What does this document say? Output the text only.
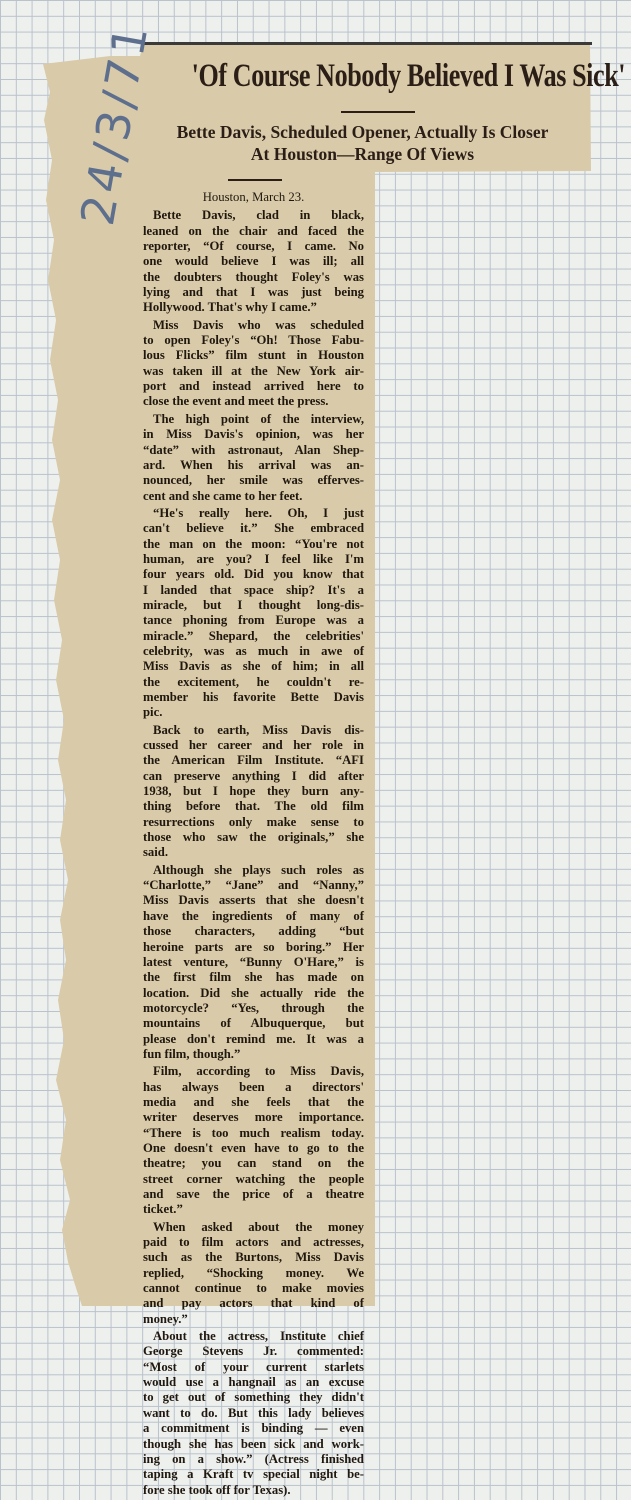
24/3/71 'Of Course Nobody Believed I Was Sick'
Bette Davis, Scheduled Opener, Actually Is Closer
At Houston—Range Of Views
Houston, March 23.
Bette Davis, clad in black,
leaned on the chair and faced the
reporter, “Of course, I came. No
one would believe I was ill; all
the doubters thought Foley's was
lying and that I was just being
Hollywood. That's why I came.”
Miss Davis who was scheduled
to open Foley's “Oh! Those Fabu-
lous Flicks” film stunt in Houston
was taken ill at the New York air-
port and instead arrived here to
close the event and meet the press.
The high point of the interview,
in Miss Davis's opinion, was her
“date” with astronaut, Alan Shep-
ard. When his arrival was an-
nounced, her smile was efferves-
cent and she came to her feet.
“He's really here. Oh, I just
can't believe it.” She embraced
the man on the moon: “You're not
human, are you? I feel like I'm
four years old. Did you know that
I landed that space ship? It's a
miracle, but I thought long-dis-
tance phoning from Europe was a
miracle.” Shepard, the celebrities'
celebrity, was as much in awe of
Miss Davis as she of him; in all
the excitement, he couldn't re-
member his favorite Bette Davis
pic.
Back to earth, Miss Davis dis-
cussed her career and her role in
the American Film Institute. “AFI
can preserve anything I did after
1938, but I hope they burn any-
thing before that. The old film
resurrections only make sense to
those who saw the originals,” she
said.
Although she plays such roles as
“Charlotte,” “Jane” and “Nanny,”
Miss Davis asserts that she doesn't
have the ingredients of many of
those characters, adding “but
heroine parts are so boring.” Her
latest venture, “Bunny O'Hare,” is
the first film she has made on
location. Did she actually ride the
motorcycle? “Yes, through the
mountains of Albuquerque, but
please don't remind me. It was a
fun film, though.”
Film, according to Miss Davis,
has always been a directors'
media and she feels that the
writer deserves more importance.
“There is too much realism today.
One doesn't even have to go to the
theatre; you can stand on the
street corner watching the people
and save the price of a theatre
ticket.”
When asked about the money
paid to film actors and actresses,
such as the Burtons, Miss Davis
replied, “Shocking money. We
cannot continue to make movies
and pay actors that kind of
money.”
About the actress, Institute chief
George Stevens Jr. commented:
“Most of your current starlets
would use a hangnail as an excuse
to get out of something they didn't
want to do. But this lady believes
a commitment is binding — even
though she has been sick and work-
ing on a show.” (Actress finished
taping a Kraft tv special night be-
fore she took off for Texas).
